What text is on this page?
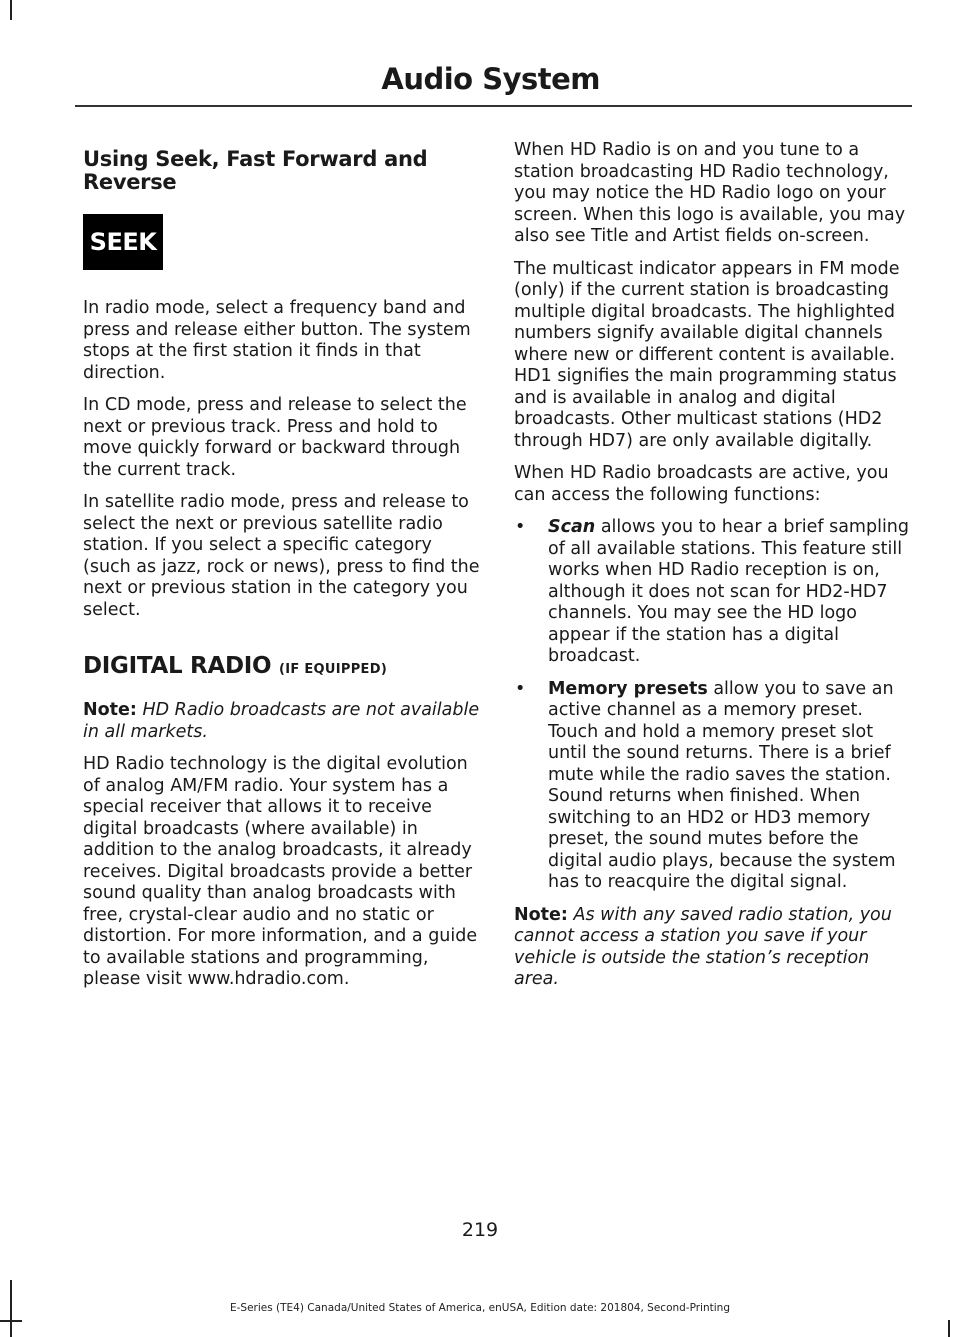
Audio System
Using Seek, Fast Forward and Reverse
SEEK

In radio mode, select a frequency band and press and release either button. The system stops at the first station it finds in that direction.

In CD mode, press and release to select the next or previous track. Press and hold to move quickly forward or backward through the current track.

In satellite radio mode, press and release to select the next or previous satellite radio station. If you select a specific category (such as jazz, rock or news), press to find the next or previous station in the category you select.

DIGITAL RADIO (IF EQUIPPED)

Note: HD Radio broadcasts are not available in all markets.

HD Radio technology is the digital evolution of analog AM/FM radio. Your system has a special receiver that allows it to receive digital broadcasts (where available) in addition to the analog broadcasts, it already receives. Digital broadcasts provide a better sound quality than analog broadcasts with free, crystal-clear audio and no static or distortion. For more information, and a guide to available stations and programming, please visit www.hdradio.com.

When HD Radio is on and you tune to a station broadcasting HD Radio technology, you may notice the HD Radio logo on your screen. When this logo is available, you may also see Title and Artist fields on-screen.

The multicast indicator appears in FM mode (only) if the current station is broadcasting multiple digital broadcasts. The highlighted numbers signify available digital channels where new or different content is available. HD1 signifies the main programming status and is available in analog and digital broadcasts. Other multicast stations (HD2 through HD7) are only available digitally.

When HD Radio broadcasts are active, you can access the following functions:

• Scan allows you to hear a brief sampling of all available stations. This feature still works when HD Radio reception is on, although it does not scan for HD2-HD7 channels. You may see the HD logo appear if the station has a digital broadcast.
• Memory presets allow you to save an active channel as a memory preset. Touch and hold a memory preset slot until the sound returns. There is a brief mute while the radio saves the station. Sound returns when finished. When switching to an HD2 or HD3 memory preset, the sound mutes before the digital audio plays, because the system has to reacquire the digital signal.

Note: As with any saved radio station, you cannot access a station you save if your vehicle is outside the station’s reception area.

219
E-Series (TE4) Canada/United States of America, enUSA, Edition date: 201804, Second-Printing
